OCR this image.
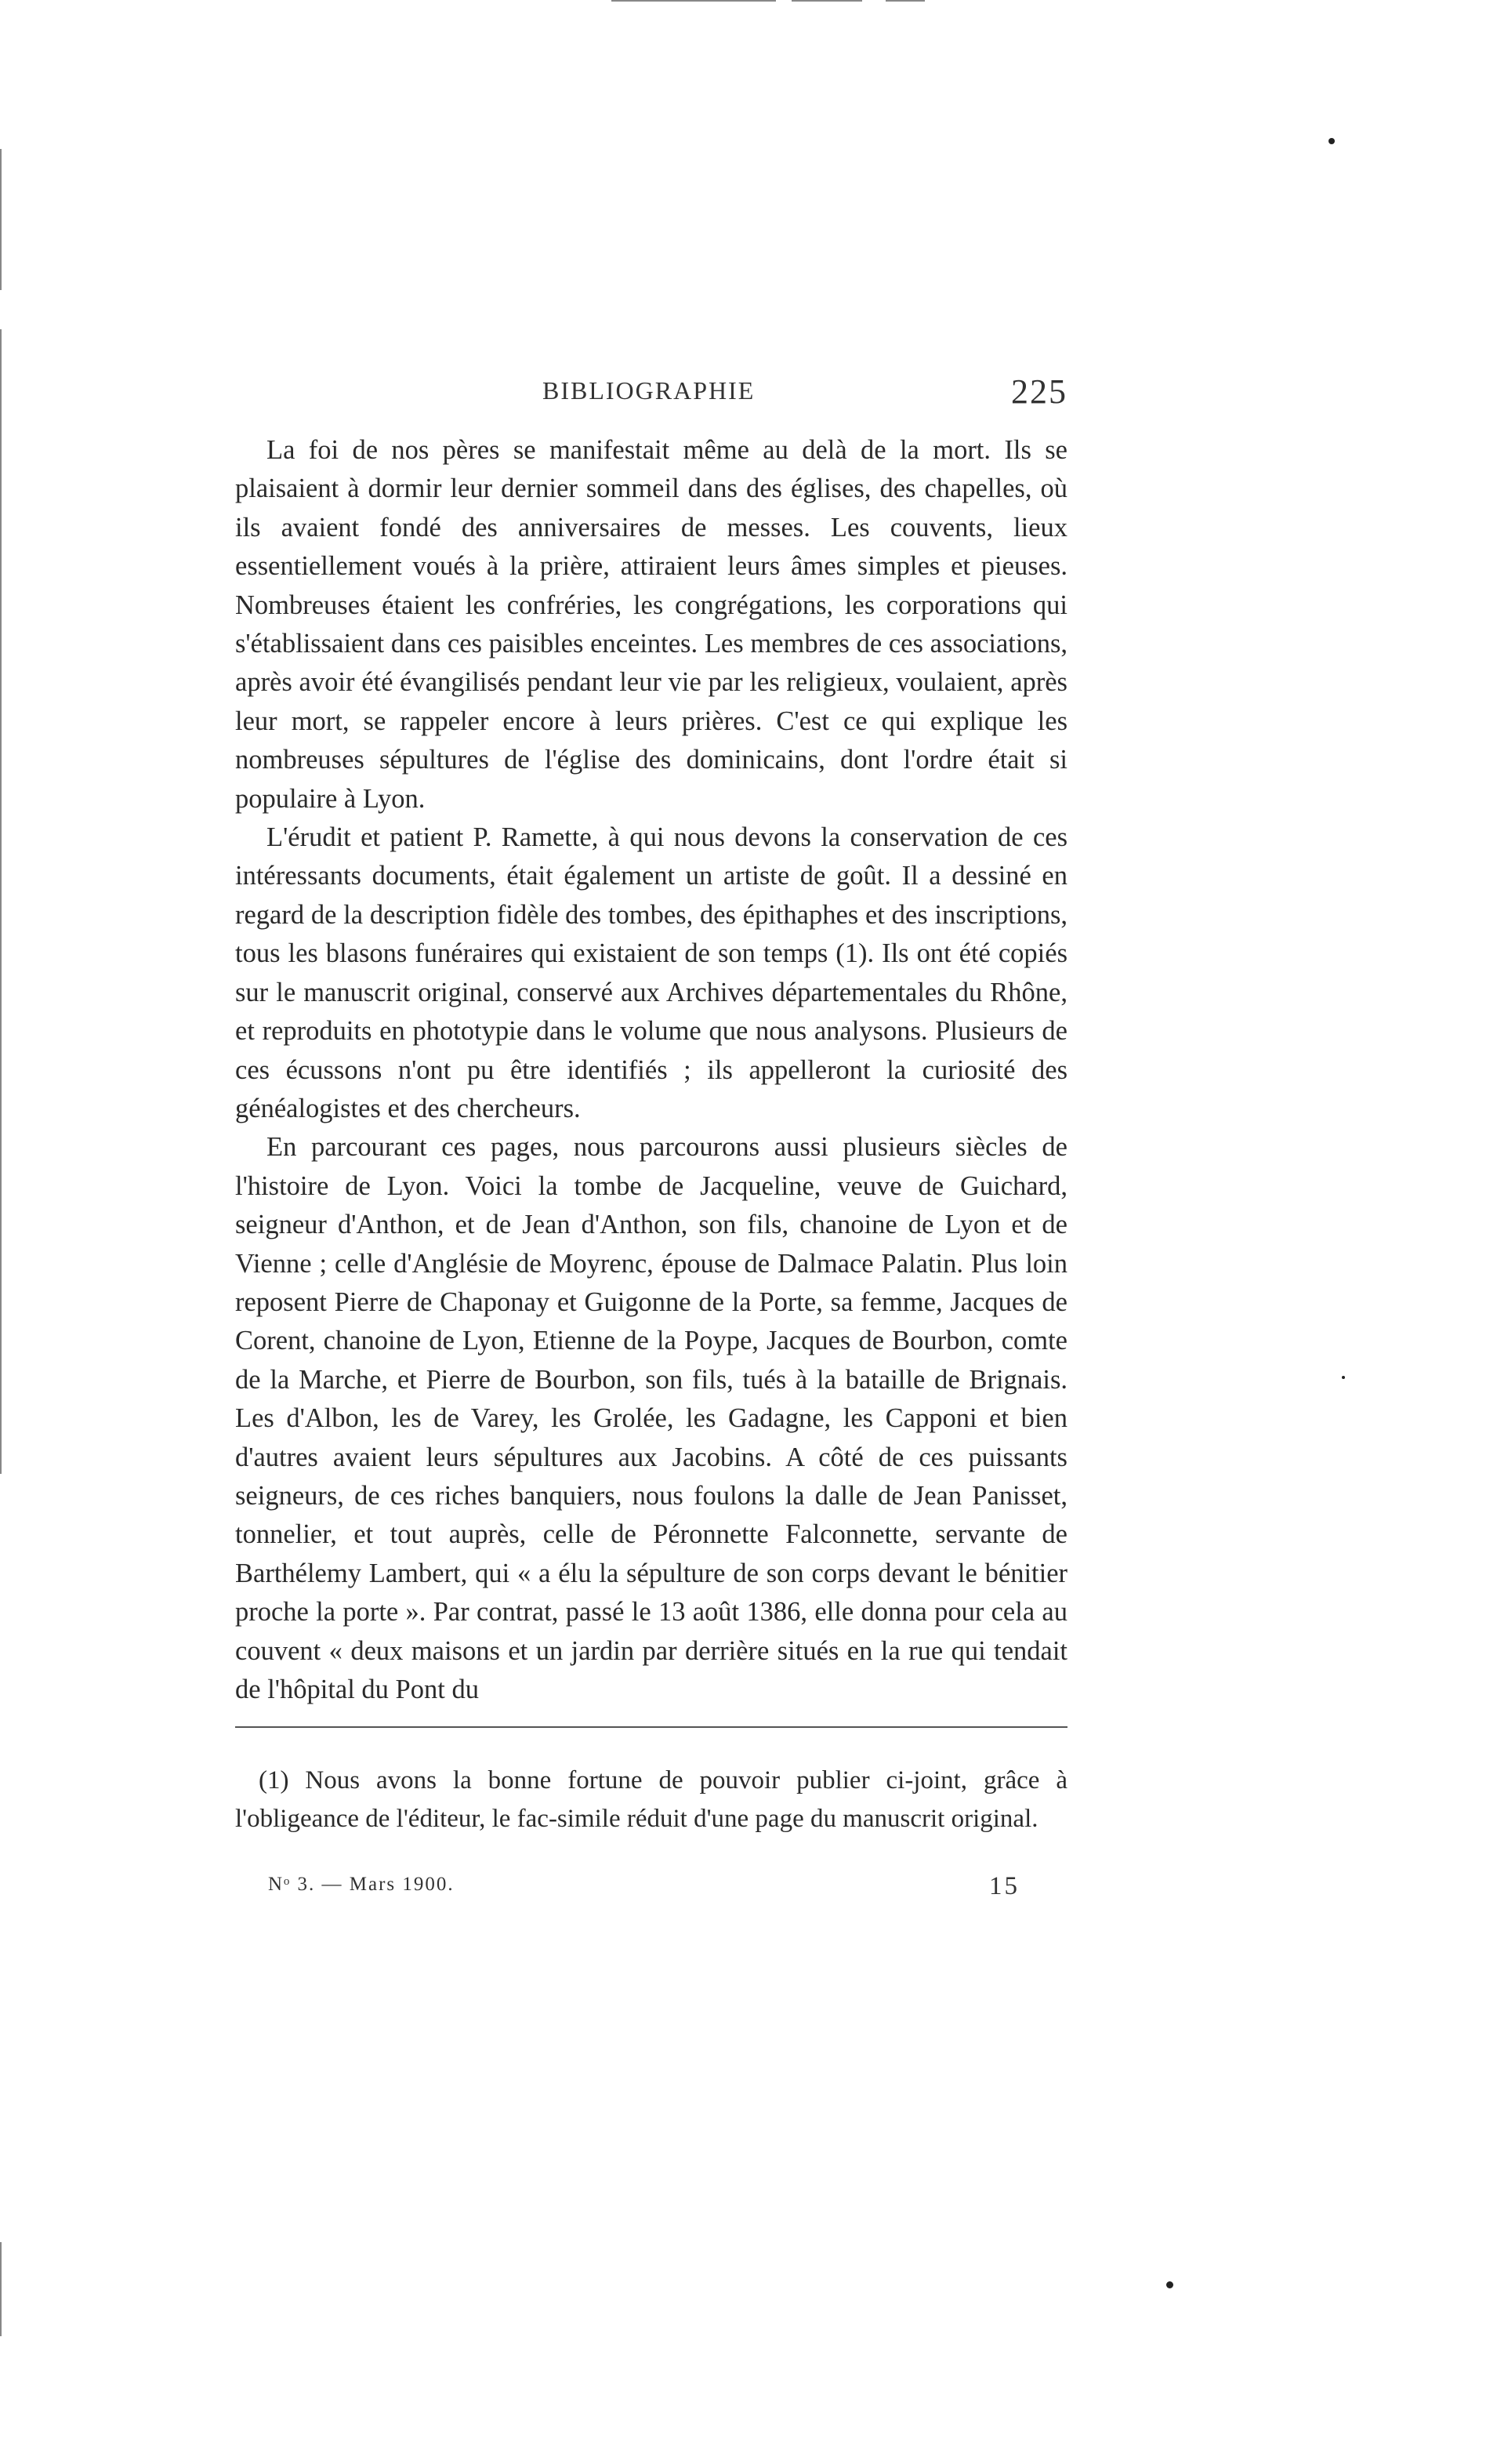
BIBLIOGRAPHIE	225

La foi de nos pères se manifestait même au delà de la mort. Ils se plaisaient à dormir leur dernier sommeil dans des églises, des chapelles, où ils avaient fondé des anniversaires de messes. Les couvents, lieux essentiellement voués à la prière, attiraient leurs âmes simples et pieuses. Nombreuses étaient les confréries, les congrégations, les corporations qui s'établissaient dans ces paisibles enceintes. Les membres de ces associations, après avoir été évangilisés pendant leur vie par les religieux, voulaient, après leur mort, se rappeler encore à leurs prières. C'est ce qui explique les nombreuses sépultures de l'église des dominicains, dont l'ordre était si populaire à Lyon.

L'érudit et patient P. Ramette, à qui nous devons la conservation de ces intéressants documents, était également un artiste de goût. Il a dessiné en regard de la description fidèle des tombes, des épithaphes et des inscriptions, tous les blasons funéraires qui existaient de son temps (1). Ils ont été copiés sur le manuscrit original, conservé aux Archives départementales du Rhône, et reproduits en phototypie dans le volume que nous analysons. Plusieurs de ces écussons n'ont pu être identifiés ; ils appelleront la curiosité des généalogistes et des chercheurs.

En parcourant ces pages, nous parcourons aussi plusieurs siècles de l'histoire de Lyon. Voici la tombe de Jacqueline, veuve de Guichard, seigneur d'Anthon, et de Jean d'Anthon, son fils, chanoine de Lyon et de Vienne ; celle d'Anglésie de Moyrenc, épouse de Dalmace Palatin. Plus loin reposent Pierre de Chaponay et Guigonne de la Porte, sa femme, Jacques de Corent, chanoine de Lyon, Etienne de la Poype, Jacques de Bourbon, comte de la Marche, et Pierre de Bourbon, son fils, tués à la bataille de Brignais. Les d'Albon, les de Varey, les Grolée, les Gadagne, les Capponi et bien d'autres avaient leurs sépultures aux Jacobins. A côté de ces puissants seigneurs, de ces riches banquiers, nous foulons la dalle de Jean Panisset, tonnelier, et tout auprès, celle de Péronnette Falconnette, servante de Barthélemy Lambert, qui « a élu la sépulture de son corps devant le bénitier proche la porte ». Par contrat, passé le 13 août 1386, elle donna pour cela au couvent « deux maisons et un jardin par derrière situés en la rue qui tendait de l'hôpital du Pont du

(1) Nous avons la bonne fortune de pouvoir publier ci-joint, grâce à l'obligeance de l'éditeur, le fac-simile réduit d'une page du manuscrit original.

Nᵒ 3. — Mars 1900.	15
